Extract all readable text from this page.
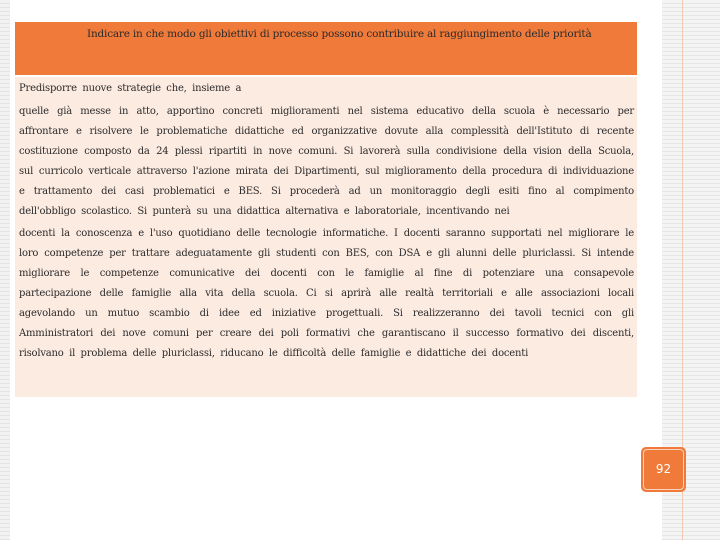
Indicare in che modo gli obiettivi di processo possono contribuire al raggiungimento delle priorità

Predisporre nuove strategie che, insieme a

quelle già messe in atto, apportino concreti miglioramenti nel sistema educativo della scuola è necessario per affrontare e risolvere le problematiche didattiche ed organizzative dovute alla complessità dell'Istituto di recente costituzione composto da 24 plessi ripartiti in nove comuni. Si lavorerà sulla condivisione della vision della Scuola, sul curricolo verticale attraverso l'azione mirata dei Dipartimenti, sul miglioramento della procedura di individuazione e trattamento dei casi problematici e BES. Si procederà ad un monitoraggio degli esiti fino al compimento dell'obbligo scolastico. Si punterà su una didattica alternativa e laboratoriale, incentivando nei

docenti la conoscenza e l'uso quotidiano delle tecnologie informatiche. I docenti saranno supportati nel migliorare le loro competenze per trattare adeguatamente gli studenti con BES, con DSA e gli alunni delle pluriclassi. Si intende migliorare le competenze comunicative dei docenti con le famiglie al fine di potenziare una consapevole partecipazione delle famiglie alla vita della scuola. Ci si aprirà alle realtà territoriali e alle associazioni locali agevolando un mutuo scambio di idee ed iniziative progettuali. Si realizzeranno dei tavoli tecnici con gli Amministratori dei nove comuni per creare dei poli formativi che garantiscano il successo formativo dei discenti, risolvano il problema delle pluriclassi, riducano le difficoltà delle famiglie e didattiche dei docenti

92
